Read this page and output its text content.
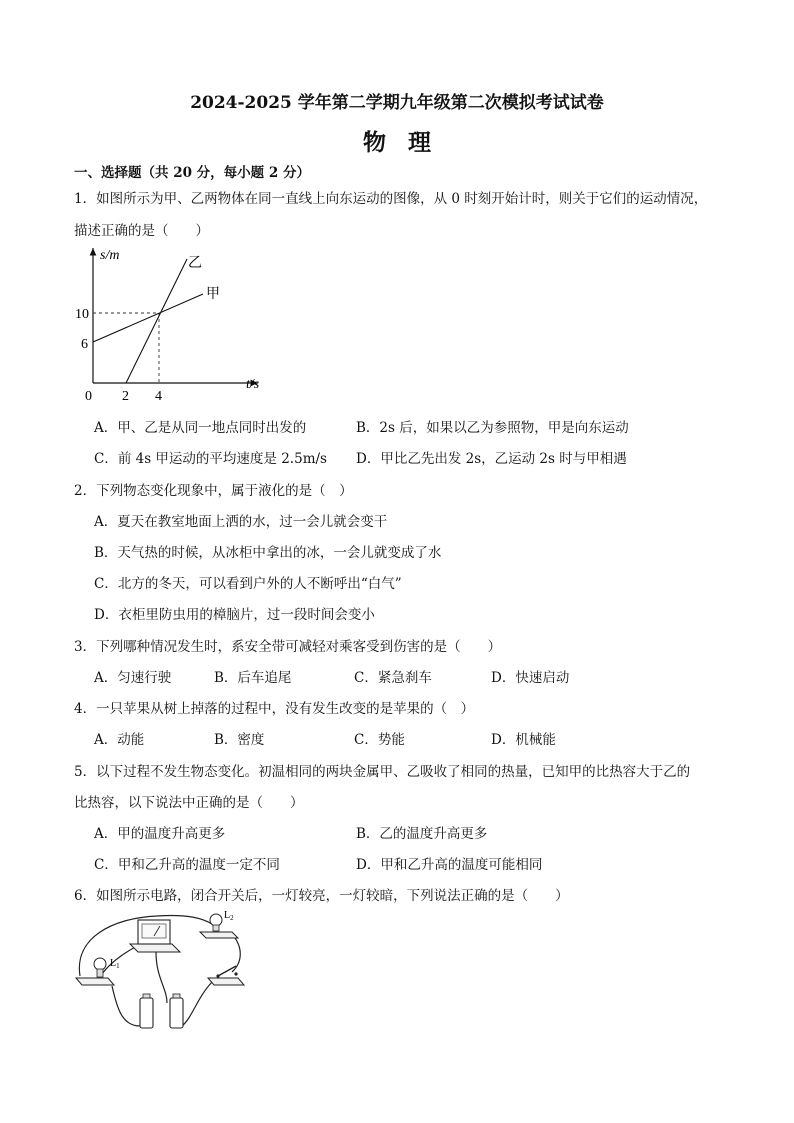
2024-2025 学年第二学期九年级第二次模拟考试试卷
物理
一、选择题（共 20 分，每小题 2 分）
1．如图所示为甲、乙两物体在同一直线上向东运动的图像，从 0 时刻开始计时，则关于它们的运动情况，
描述正确的是（　　）
s/m
t/s
0
10
6
2 4
乙
甲
A．甲、乙是从同一地点同时出发的	B．2s 后，如果以乙为参照物，甲是向东运动
C．前 4s 甲运动的平均速度是 2.5m/s D．甲比乙先出发 2s，乙运动 2s 时与甲相遇
2．下列物态变化现象中，属于液化的是（　）
A．夏天在教室地面上洒的水，过一会儿就会变干
B．天气热的时候，从冰柜中拿出的冰，一会儿就变成了水
C．北方的冬天，可以看到户外的人不断呼出“白气”
D．衣柜里防虫用的樟脑片，过一段时间会变小
3．下列哪种情况发生时，系安全带可减轻对乘客受到伤害的是（　　）
A．匀速行驶	B．后车追尾	C．紧急刹车	D．快速启动
4．一只苹果从树上掉落的过程中，没有发生改变的是苹果的（　）
A．动能	B．密度	C．势能	D．机械能
5．以下过程不发生物态变化。初温相同的两块金属甲、乙吸收了相同的热量，已知甲的比热容大于乙的
比热容，以下说法中正确的是（　　）
A．甲的温度升高更多	B．乙的温度升高更多
C．甲和乙升高的温度一定不同	D．甲和乙升高的温度可能相同
6．如图所示电路，闭合开关后，一灯较亮，一灯较暗，下列说法正确的是（　　）
$L_2$
$L_1$
